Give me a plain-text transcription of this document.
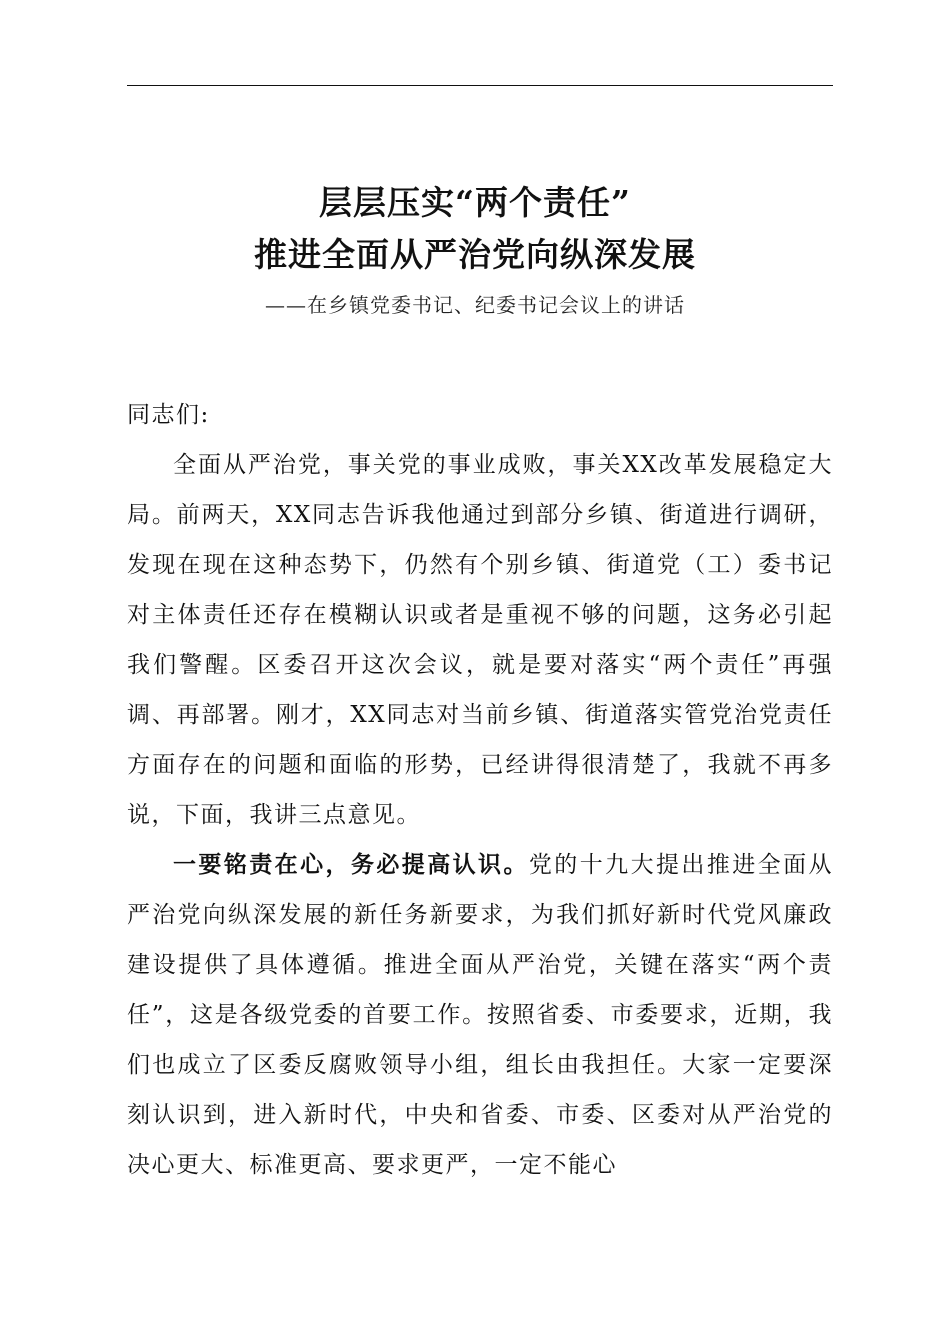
层层压实“两个责任”
推进全面从严治党向纵深发展

——在乡镇党委书记、纪委书记会议上的讲话

同志们:

全面从严治党，事关党的事业成败，事关XX改革发展稳定大局。前两天，XX同志告诉我他通过到部分乡镇、街道进行调研，发现在现在这种态势下，仍然有个别乡镇、街道党（工）委书记对主体责任还存在模糊认识或者是重视不够的问题，这务必引起我们警醒。区委召开这次会议，就是要对落实“两个责任”再强调、再部署。刚才，XX同志对当前乡镇、街道落实管党治党责任方面存在的问题和面临的形势，已经讲得很清楚了，我就不再多说，下面，我讲三点意见。

一要铭责在心，务必提高认识。党的十九大提出推进全面从严治党向纵深发展的新任务新要求，为我们抓好新时代党风廉政建设提供了具体遵循。推进全面从严治党，关键在落实“两个责任”，这是各级党委的首要工作。按照省委、市委要求，近期，我们也成立了区委反腐败领导小组，组长由我担任。大家一定要深刻认识到，进入新时代，中央和省委、市委、区委对从严治党的决心更大、标准更高、要求更严，一定不能心
